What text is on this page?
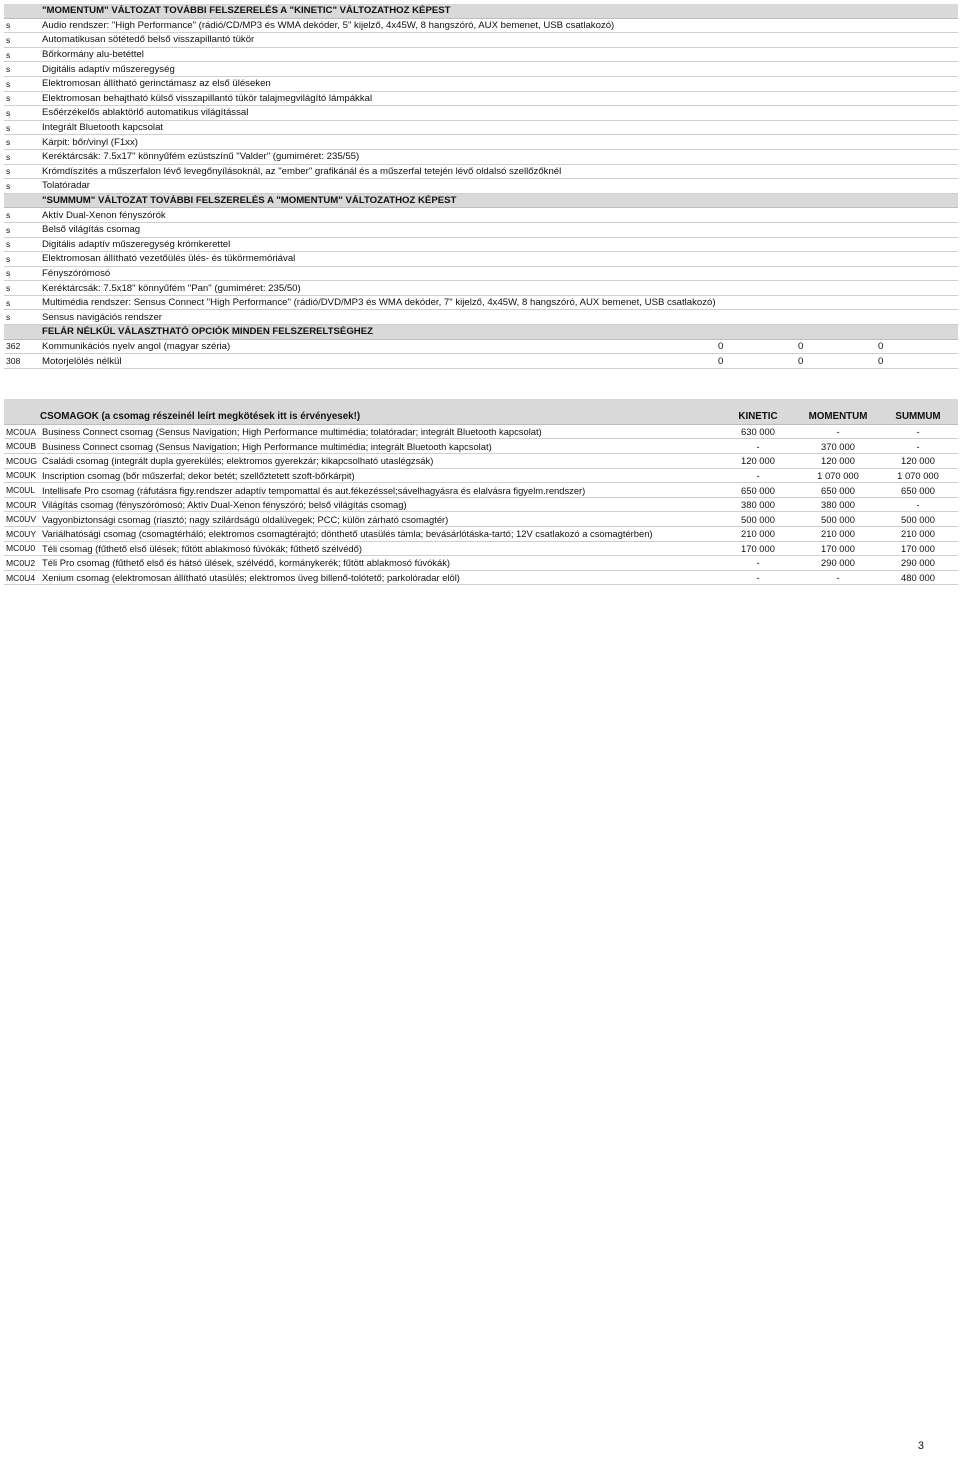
"MOMENTUM" VÁLTOZAT TOVÁBBI FELSZERELÉS A "KINETIC" VÁLTOZATHOZ KÉPEST
s	Audio rendszer: "High Performance" (rádió/CD/MP3 és WMA dekóder, 5" kijelző, 4x45W, 8 hangszóró, AUX bemenet, USB csatlakozó)
s	Automatikusan sötétedő belső visszapillantó tükör
s	Bőrkormány alu-betéttel
s	Digitális adaptív műszeregység
s	Elektromosan állítható gerinctámasz az első üléseken
s	Elektromosan behajtható külső visszapillantó tükör talajmegvilágító lámpákkal
s	Esőérzékelős ablaktörlő automatikus világítással
s	Integrált Bluetooth kapcsolat
s	Kárpit: bőr/vinyl (F1xx)
s	Keréktárcsák: 7.5x17" könnyűfém ezüstszínű "Valder" (gumiméret: 235/55)
s	Krómdíszítés a műszerfalon lévő levegőnyílásoknál, az "ember" grafikánál és a műszerfal tetején lévő oldalsó szellőzőknél
s	Tolatóradar
"SUMMUM" VÁLTOZAT TOVÁBBI FELSZERELÉS A "MOMENTUM" VÁLTOZATHOZ KÉPEST
s	Aktív Dual-Xenon fényszórók
s	Belső világítás csomag
s	Digitális adaptív műszeregység krómkerettel
s	Elektromosan állítható vezetőülés ülés- és tükörmemóriával
s	Fényszórómosó
s	Keréktárcsák: 7.5x18" könnyűfém "Pan" (gumiméret: 235/50)
s	Multimédia rendszer: Sensus Connect "High Performance" (rádió/DVD/MP3 és WMA dekóder, 7" kijelző, 4x45W, 8 hangszóró, AUX bemenet, USB csatlakozó)
s	Sensus navigációs rendszer
FELÁR NÉLKÜL VÁLASZTHATÓ OPCIÓK MINDEN FELSZERELTSÉGHEZ
362	Kommunikációs nyelv angol (magyar széria)	0	0	0
308	Motorjelölés nélkül	0	0	0
CSOMAGOK (a csomag részeinél leírt megkötések itt is érvényesek!)	KINETIC	MOMENTUM	SUMMUM
MC0UA Business Connect csomag (Sensus Navigation; High Performance multimédia; tolatóradar; integrált Bluetooth kapcsolat)	630 000	-	-
MC0UB Business Connect csomag (Sensus Navigation; High Performance multimédia; integrált Bluetooth kapcsolat)	-	370 000	-
MC0UG Családi csomag (integrált dupla gyerekülés; elektromos gyerekzár; kikapcsolható utaslégzsák)	120 000	120 000	120 000
MC0UK Inscription csomag (bőr műszerfal; dekor betét; szellőztetett szoft-bőrkárpit)	-	1 070 000	1 070 000
MC0UL Intellisafe Pro csomag (ráfutásra figy.rendszer adaptív tempomattal és aut.fékezéssel;sávelhagyásra és elalvásra figyelm.rendszer)	650 000	650 000	650 000
MC0UR Világítás csomag (fényszórómosó; Aktív Dual-Xenon fényszóró; belső világítás csomag)	380 000	380 000	-
MC0UV Vagyonbiztonsági csomag (riasztó; nagy szilárdságú oldalüvegek; PCC; külön zárható csomagtér)	500 000	500 000	500 000
MC0UY Variálhatósági csomag (csomagtérháló; elektromos csomagtérajtó; dönthető utasülés támla; bevásárlótáska-tartó; 12V csatlakozó a csomagtérben)	210 000	210 000	210 000
MC0U0 Téli csomag (fűthető első ülések; fűtött ablakmosó fúvókák; fűthető szélvédő)	170 000	170 000	170 000
MC0U2 Téli Pro csomag (fűthető első és hátsó ülések, szélvédő, kormánykerék; fűtött ablakmosó fúvókák)	-	290 000	290 000
MC0U4 Xenium csomag (elektromosan állítható utasülés; elektromos üveg billenő-tolótető; parkolóradar elöl)	-	-	480 000
3
